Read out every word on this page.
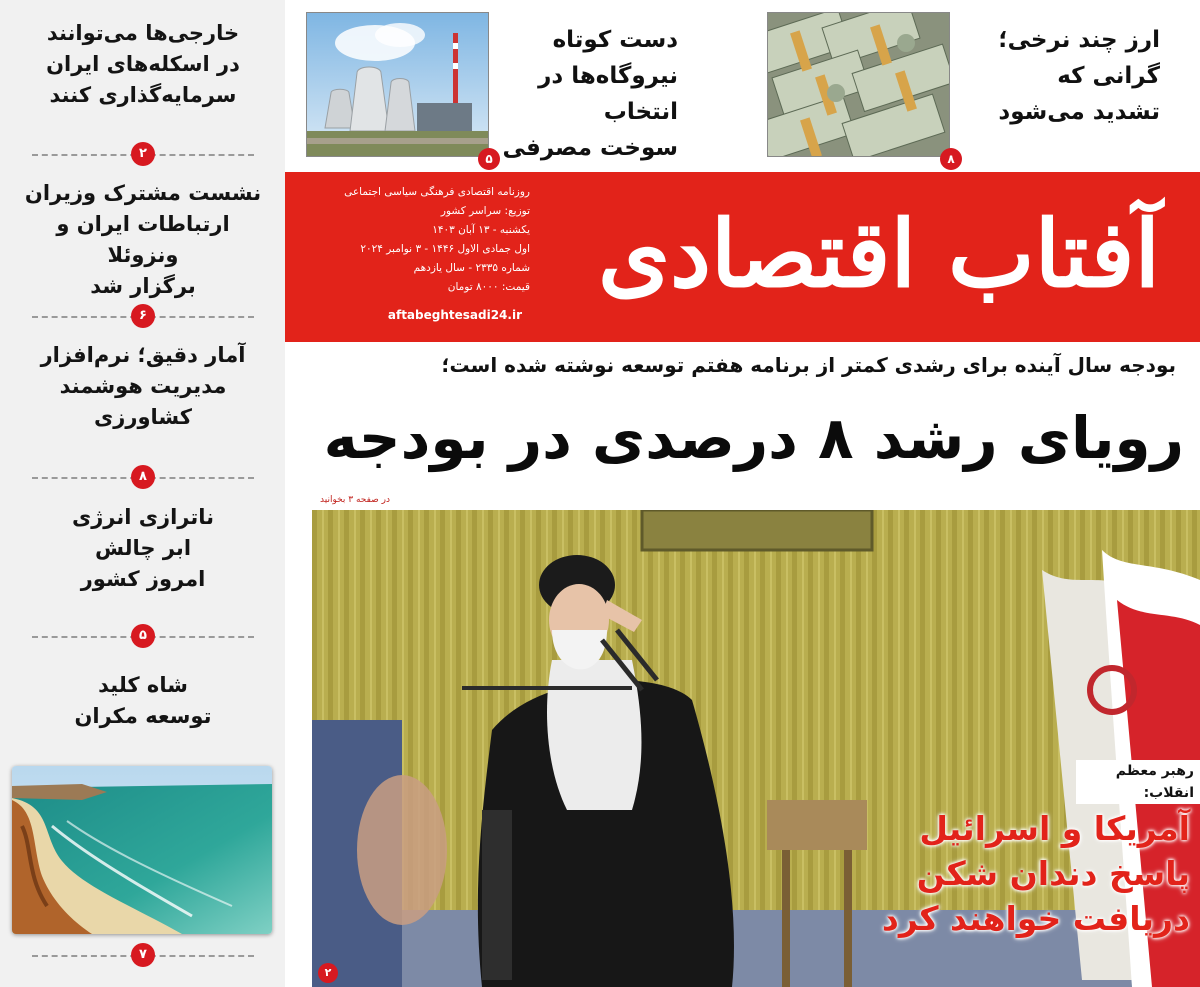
خارجی‌ها می‌توانند
در اسکله‌های ایران
سرمایه‌گذاری کنند
۲
نشست مشترک وزیران
ارتباطات ایران و ونزوئلا
برگزار شد
۶
آمار دقیق؛ نرم‌افزار
مدیریت هوشمند
کشاورزی
۸
ناترازی انرژی
ابر چالش
امروز کشور
۵
شاه کلید
توسعه مکران
۷
ارز چند نرخی؛
گرانی که
تشدید می‌شود
۸
دست کوتاه
نیروگاه‌ها در انتخاب
سوخت مصرفی
۵
آفتاب اقتصادی
روزنامه اقتصادی فرهنگی سیاسی اجتماعی
توزیع: سراسر کشور
یکشنبه - ۱۳ آبان ۱۴۰۳
اول جمادی الاول ۱۴۴۶ - ۳ نوامبر ۲۰۲۴
شماره ۲۳۳۵ - سال یازدهم
قیمت: ۸۰۰۰ تومان
aftabeghtesadi24.ir
بودجه سال آینده برای رشدی کمتر از برنامه هفتم توسعه نوشته شده است؛
رویای رشد ۸ درصدی در بودجه
در صفحه ۳ بخوانید
رهبر معظم انقلاب:
آمریکا و اسرائیل
پاسخ دندان شکن
دریافت خواهند کرد
۲
